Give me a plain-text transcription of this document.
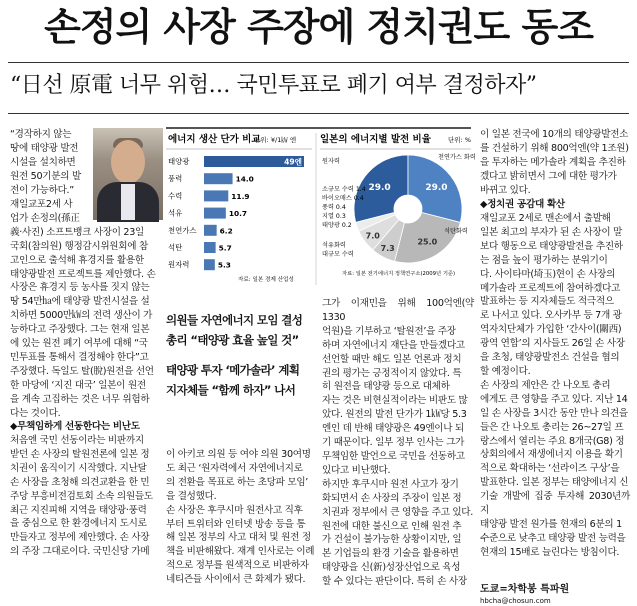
손정의 사장 주장에 정치권도 동조
“日선 原電 너무 위험… 국민투표로 폐기 여부 결정하자”
“경작하지 않는
땅에 태양광 발전
시설을 설치하면
원전 50기분의 발
전이 가능하다.”
재일교포2세 사
업가 손정의(孫正
義·사진) 소프트뱅크 사장이 23일
국회(참의원) 행정감시위원회에 참
고인으로 출석해 휴경지를 활용한
태양광발전 프로젝트를 제안했다. 손
사장은 휴경지 등 농사를 짓지 않는
땅 54만㏊에 태양광 발전시설을 설
치하면 5000만㎾의 전력 생산이 가
능하다고 주장했다. 그는 현재 일본
에 있는 원전 폐기 여부에 대해 “국
민투표를 통해서 결정해야 한다”고
주장했다. 독일도 탈(脫)원전을 선언
한 마당에 ‘지진 대국’ 일본이 원전
을 계속 고집하는 것은 너무 위험하
다는 것이다.
◆무책임하게 선동한다는 비난도
처음엔 국민 선동이라는 비판까지
받던 손 사장의 탈원전론에 일본 정
치권이 움직이기 시작했다. 지난달
손 사장을 초청해 의견교환을 한 민
주당 부흥비전검토회 소속 의원들도
최근 지진피해 지역을 태양광·풍력
을 중심으로 한 환경에너지 도시로
만들자고 정부에 제안했다. 손 사장
의 주장 그대로이다. 국민신당 가메
에너지 생산 단가 비교
단위: ¥/1㎾ 엔
태양광	49엔
풍력	14.0
수력	11.9
석유	10.7
천연가스	6.2
석탄	5.7
원자력	5.3
자료: 일본 경제 산업성
일본의 에너지별 발전 비율	단위: %
29.0	29.0
25.0
7.3
7.0
원자력
소규모 수력 1.4
바이오매스 0.4
풍력 0.4
지열 0.3
태양광 0.2
석유화력
대규모 수력
천연가스 화력
석탄화력
자료: 일본 전기에너지 정책연구소(2009년 기준)
의원들 자연에너지 모임 결성
총리 “태양광 효율 높일 것”
태양광 투자 ‘메가솔라’ 계획
지자체들 “함께 하자” 나서
이 아키코 의원 등 여야 의원 30여명
도 최근 ‘원자력에서 자연에너지로
의 전환을 목표로 하는 초당파 모임’
을 결성했다.
손 사장은 후쿠시마 원전사고 직후
부터 트위터와 인터넷 방송 등을 통
해 일본 정부의 사고 대처 및 원전 정
책을 비판해왔다. 재계 인사로는 이례
적으로 정부를 원색적으로 비판하자
네티즌들 사이에서 큰 화제가 됐다.
그가 이재민을 위해 100억엔(약 1330
억원)을 기부하고 ‘탈원전’을 주장
하며 자연에너지 재단을 만들겠다고
선언할 때만 해도 일본 언론과 정치
권의 평가는 긍정적이지 않았다. 특
히 원전을 태양광 등으로 대체하
자는 것은 비현실적이라는 비판도 많
았다. 원전의 발전 단가가 1㎾당 5.3
엔인 데 반해 태양광은 49엔이나 되
기 때문이다. 일부 정부 인사는 그가
무책임한 발언으로 국민을 선동하고
있다고 비난했다.
하지만 후쿠시마 원전 사고가 장기
화되면서 손 사장의 주장이 일본 정
치권과 정부에서 큰 영향을 주고 있다.
원전에 대한 불신으로 인해 원전 추
가 건설이 불가능한 상황이지만, 일
본 기업들의 환경 기술을 활용하면
태양광을 신(新)성장산업으로 육성
할 수 있다는 판단이다. 특히 손 사장
이 일본 전국에 10개의 태양광발전소
를 건설하기 위해 800억엔(약 1조원)
을 투자하는 메가솔라 계획을 추진하
겠다고 밝히면서 그에 대한 평가가
바뀌고 있다.
◆정치권 공감대 확산
재일교포 2세로 맨손에서 출발해
일본 최고의 부자가 된 손 사장이 말
보다 행동으로 태양광발전을 추진하
는 점을 높이 평가하는 분위기이
다. 사이타마(埼玉)현이 손 사장의
메가솔라 프로젝트에 참여하겠다고
발표하는 등 지자체들도 적극적으
로 나서고 있다. 오사카부 등 7개 광
역자치단체가 가입한 ‘간사이(關西)
광역 연합’의 지사들도 26일 손 사장
을 초청, 태양광발전소 건설을 협의
할 예정이다.
손 사장의 제안은 간 나오토 총리
에게도 큰 영향을 주고 있다. 지난 14
일 손 사장을 3시간 동안 만나 의견을
들은 간 나오토 총리는 26~27일 프
랑스에서 열리는 주요 8개국(G8) 정
상회의에서 재생에너지 이용을 확기
적으로 확대하는 ‘선라이즈 구상’을
발표한다. 일본 정부는 태양에너지 신
기술 개발에 집중 투자해 2030년까지
태양광 발전 원가를 현재의 6분의 1
수준으로 낮추고 태양광 발전 능력을
현재의 15배로 늘린다는 방침이다.
도쿄=차학봉 특파원 hbcha@chosun.com
